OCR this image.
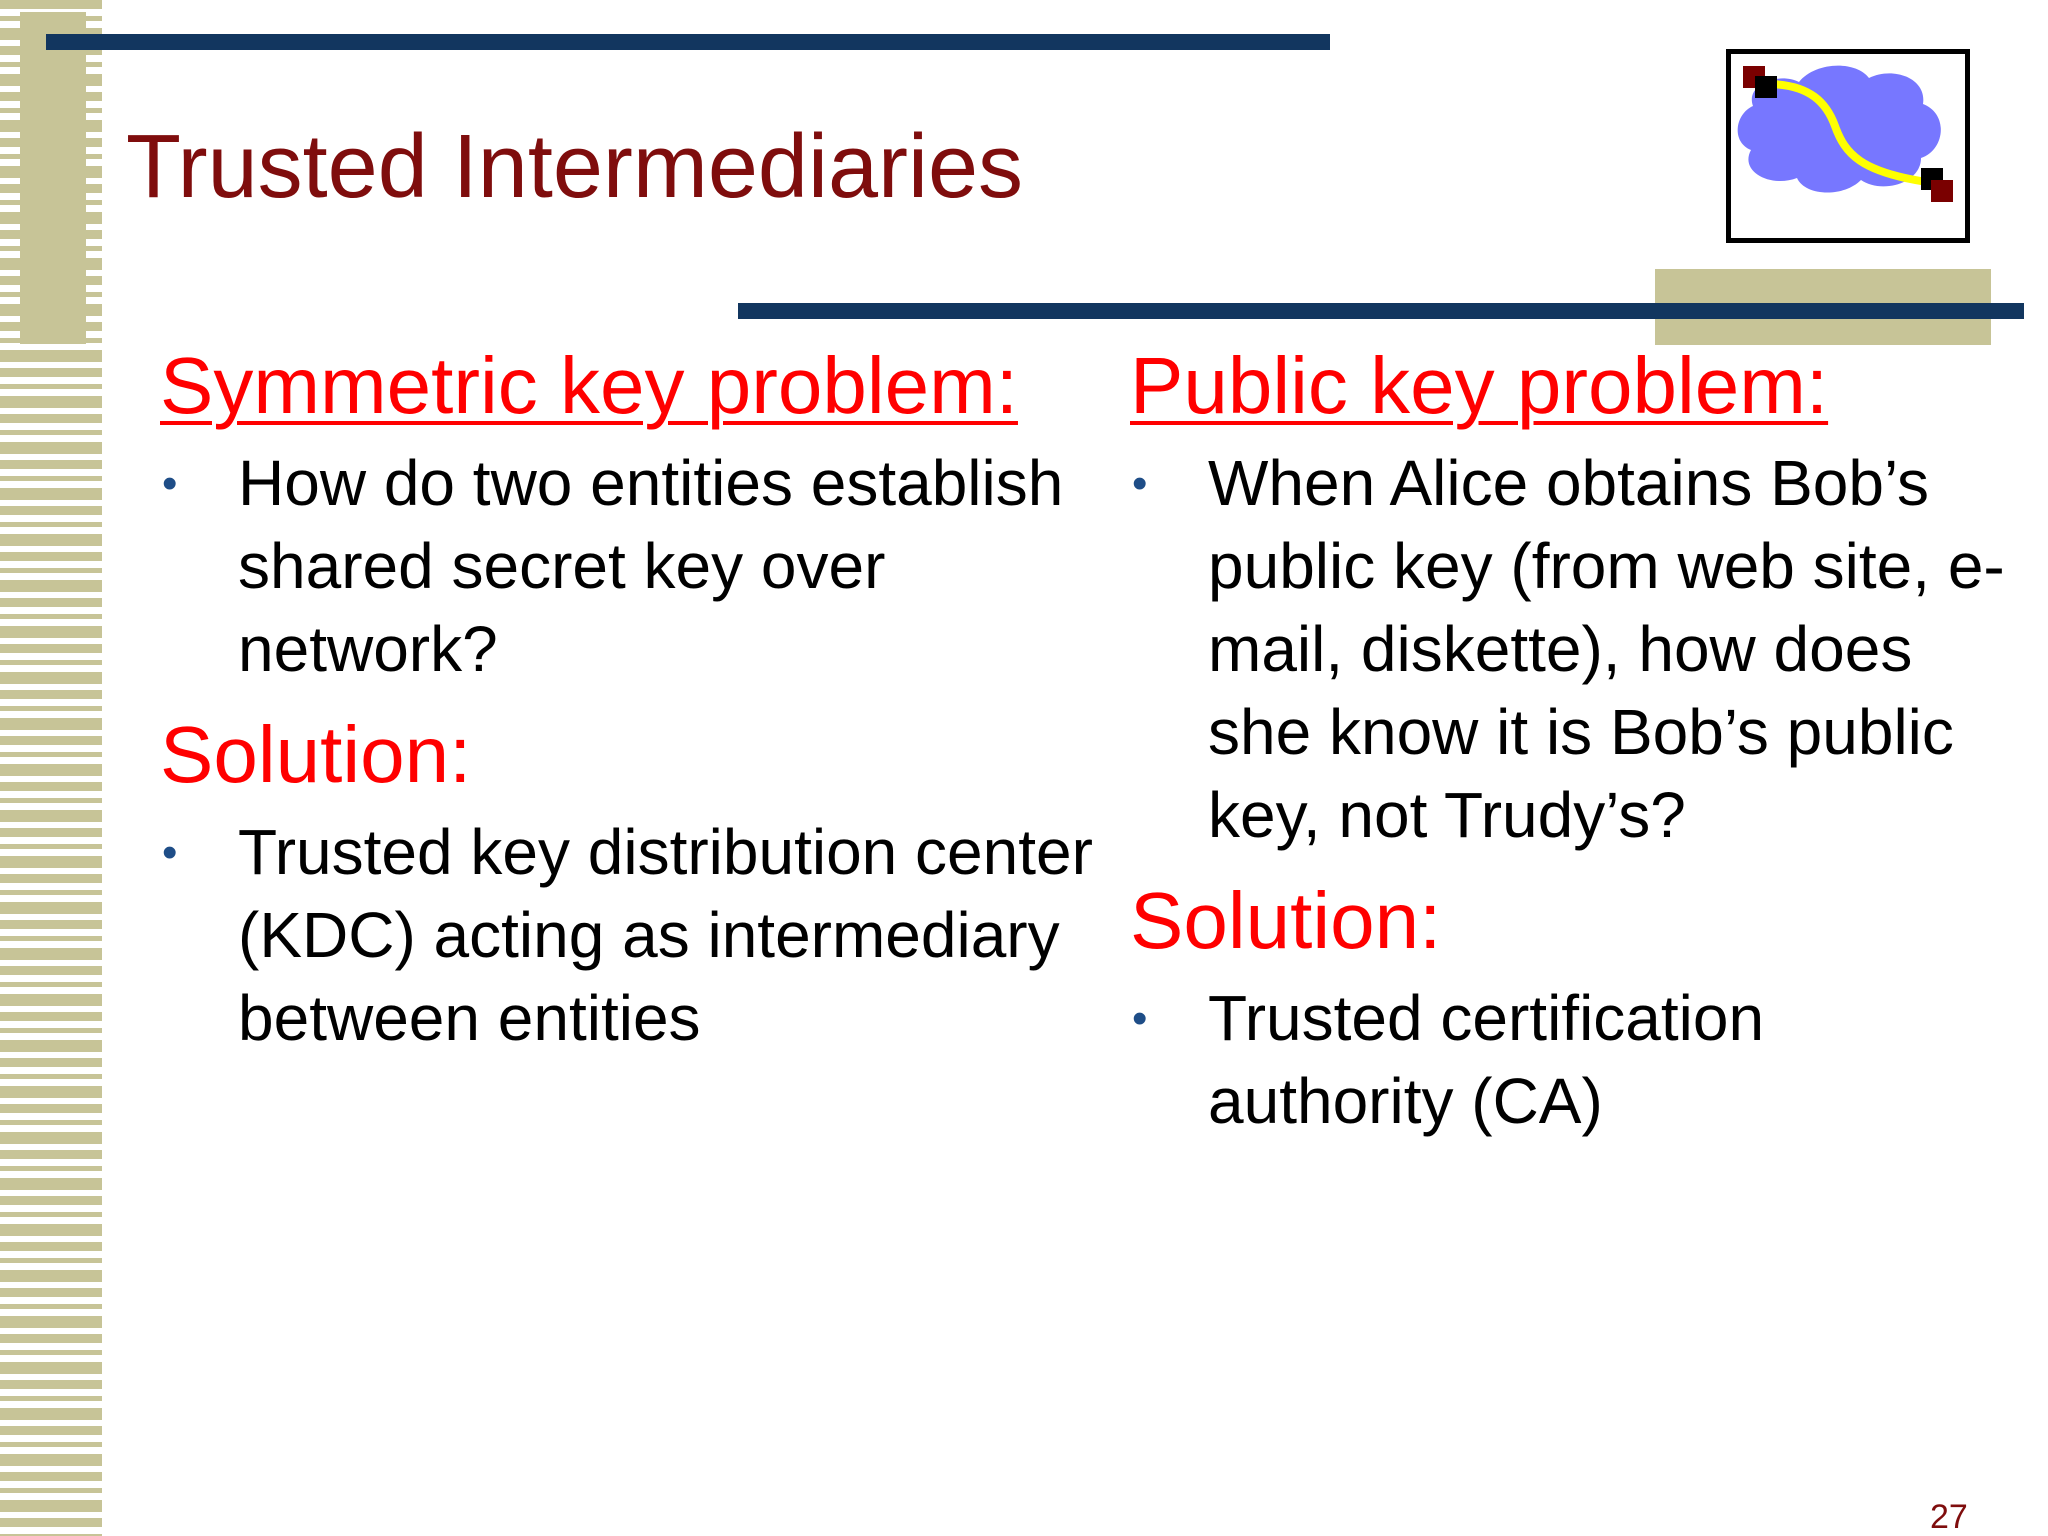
Trusted Intermediaries

Symmetric key problem:

• How do two entities establish shared secret key over network?

Solution:

• Trusted key distribution center (KDC) acting as intermediary between entities

Public key problem:

• When Alice obtains Bob’s public key (from web site, e-mail, diskette), how does she know it is Bob’s public key, not Trudy’s?

Solution:

• Trusted certification authority (CA)
27
